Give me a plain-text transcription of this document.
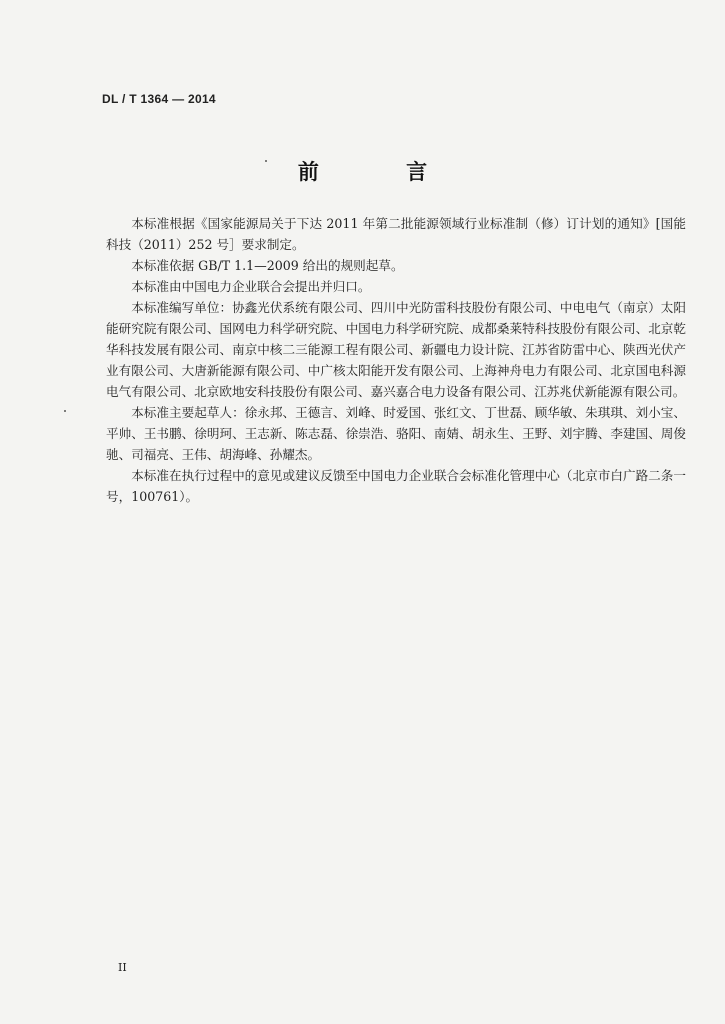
DL / T 1364 — 2014
前 言

本标准根据《国家能源局关于下达 2011 年第二批能源领域行业标准制（修）订计划的通知》[国能科技（2011）252 号］要求制定。

本标准依据 GB/T 1.1—2009 给出的规则起草。

本标准由中国电力企业联合会提出并归口。

本标准编写单位：协鑫光伏系统有限公司、四川中光防雷科技股份有限公司、中电电气（南京）太阳能研究院有限公司、国网电力科学研究院、中国电力科学研究院、成都桑莱特科技股份有限公司、北京乾华科技发展有限公司、南京中核二三能源工程有限公司、新疆电力设计院、江苏省防雷中心、陕西光伏产业有限公司、大唐新能源有限公司、中广核太阳能开发有限公司、上海神舟电力有限公司、北京国电科源电气有限公司、北京欧地安科技股份有限公司、嘉兴嘉合电力设备有限公司、江苏兆伏新能源有限公司。

本标准主要起草人：徐永邦、王德言、刘峰、时爱国、张红文、丁世磊、顾华敏、朱琪琪、刘小宝、平帅、王书鹏、徐明珂、王志新、陈志磊、徐崇浩、骆阳、南婧、胡永生、王野、刘宇腾、李建国、周俊驰、司福亮、王伟、胡海峰、孙耀杰。

本标准在执行过程中的意见或建议反馈至中国电力企业联合会标准化管理中心（北京市白广路二条一号，100761）。

II
